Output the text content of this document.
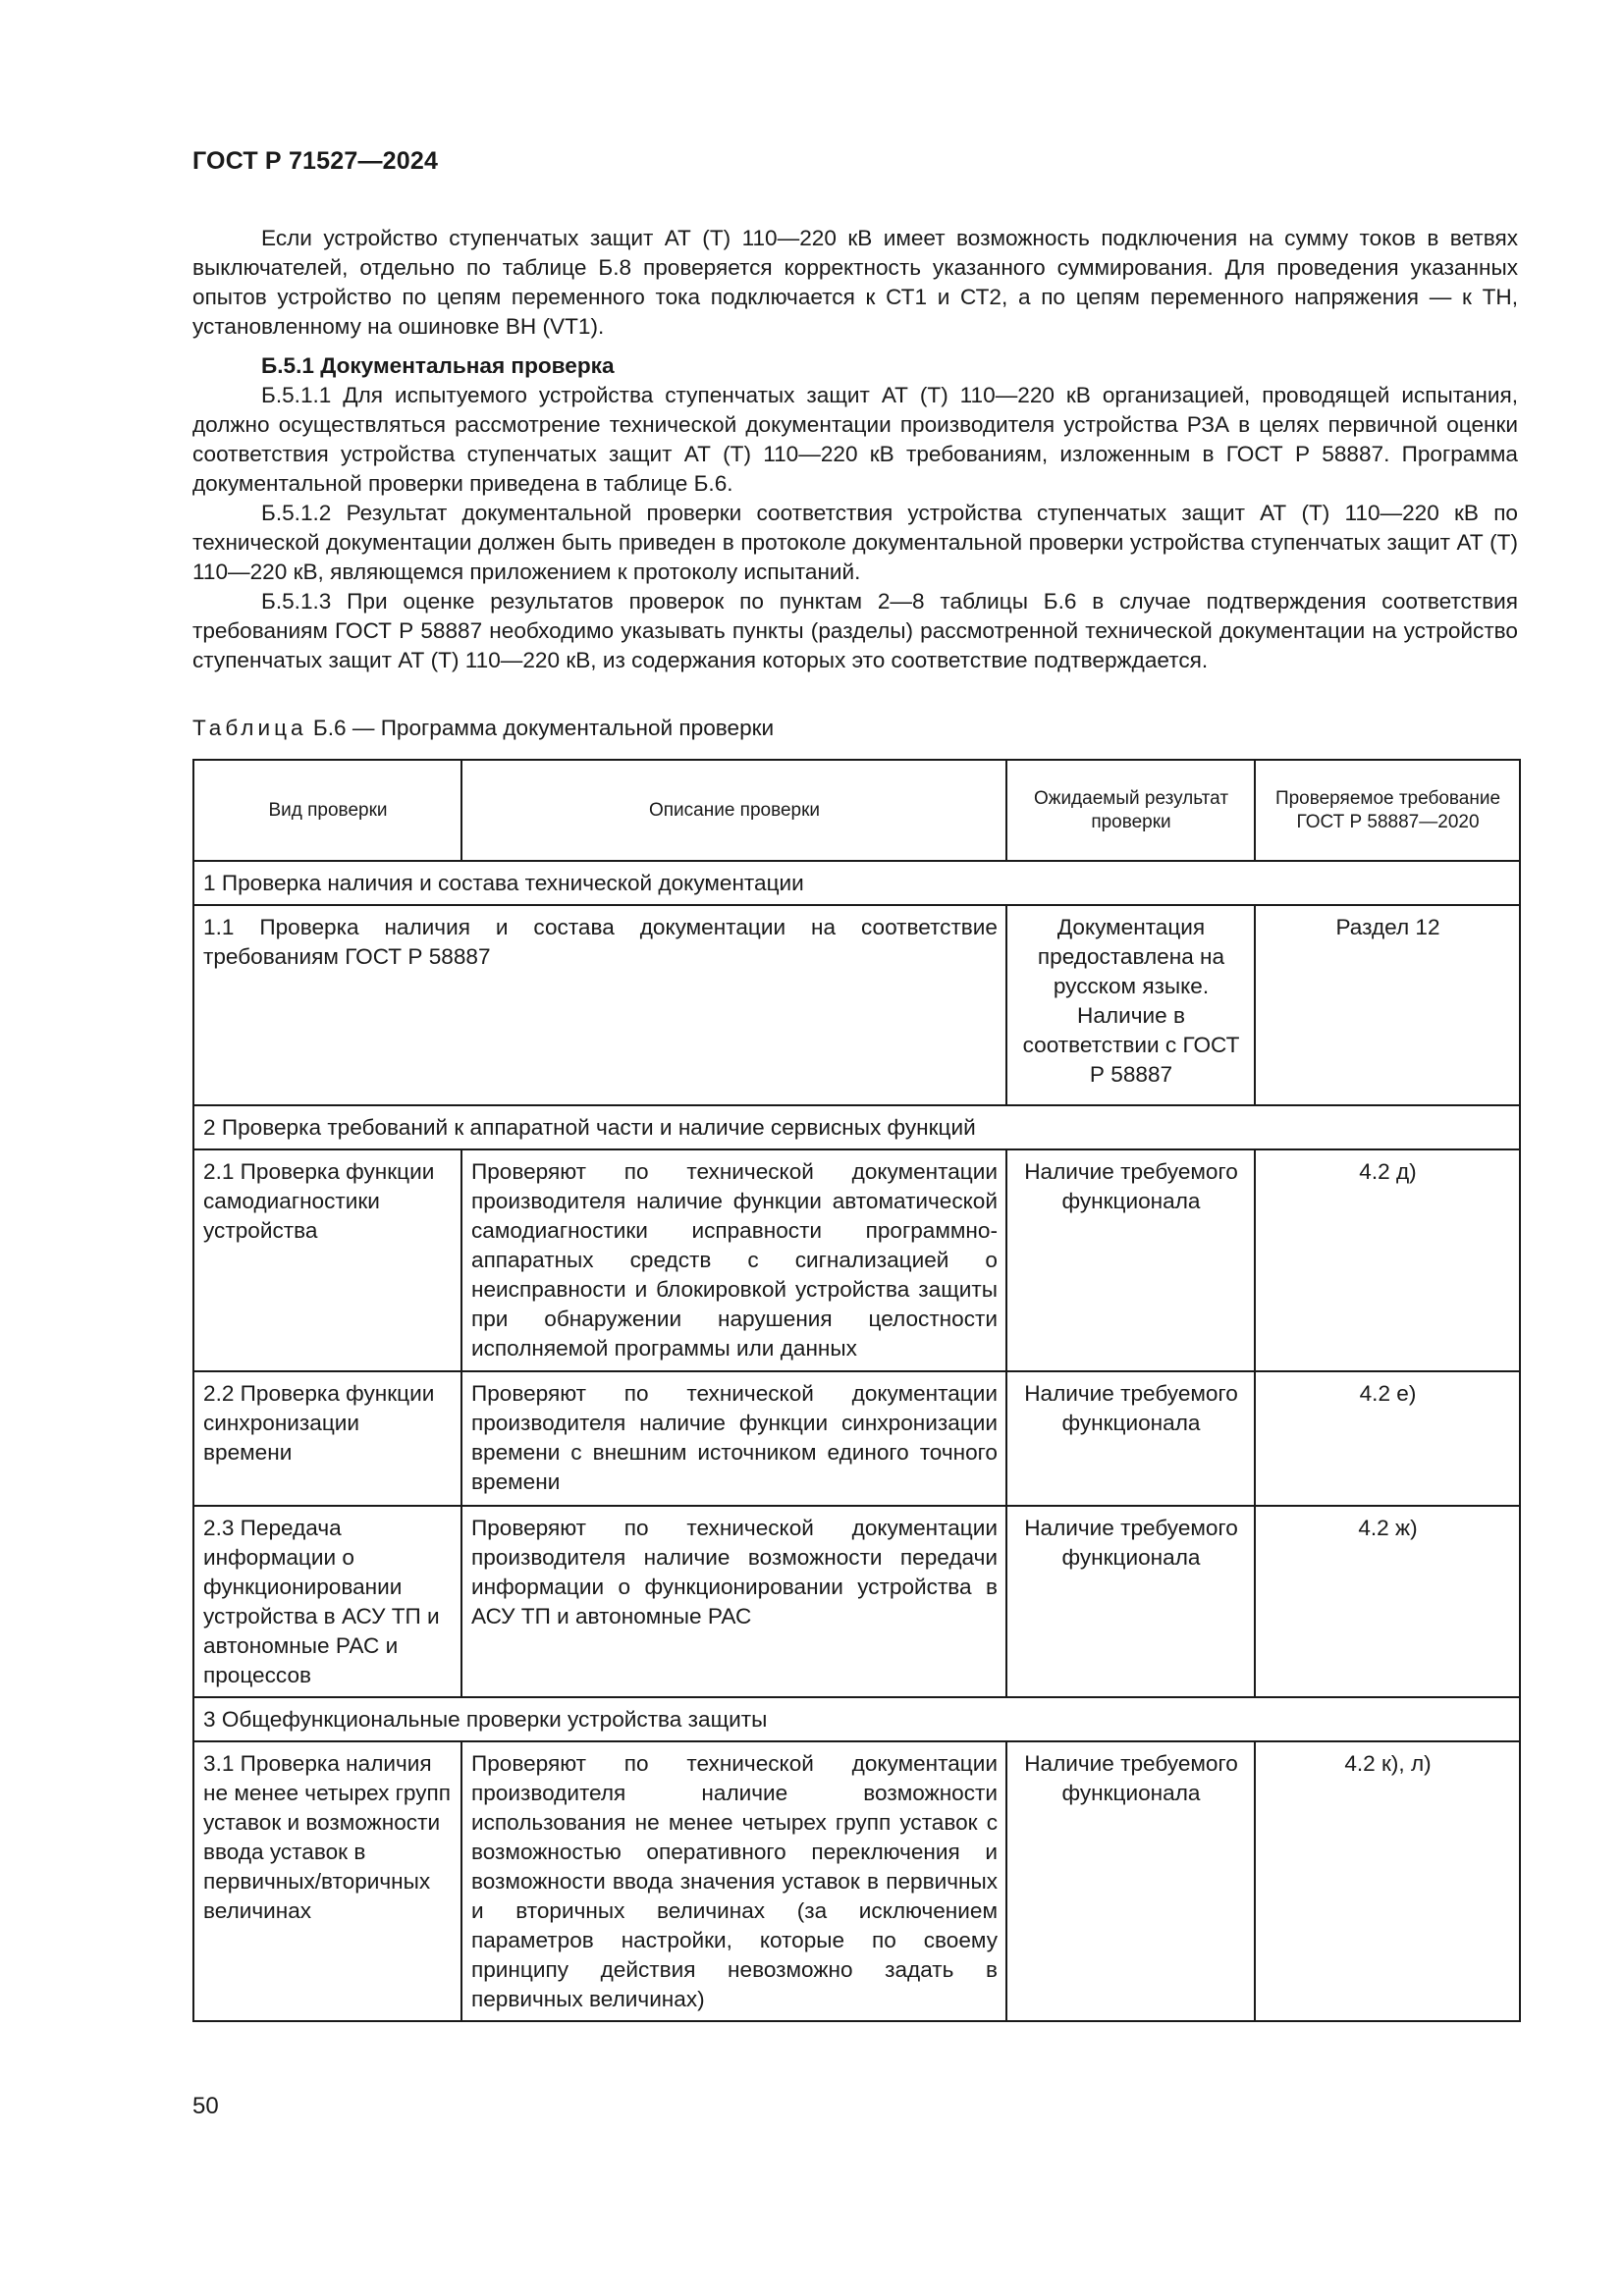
ГОСТ Р 71527—2024

Если устройство ступенчатых защит АТ (Т) 110—220 кВ имеет возможность подключения на сумму токов в ветвях выключателей, отдельно по таблице Б.8 проверяется корректность указанного суммирования. Для проведения указанных опытов устройство по цепям переменного тока подключается к СТ1 и СТ2, а по цепям переменного напряжения — к ТН, установленному на ошиновке ВН (VT1).

Б.5.1 Документальная проверка

Б.5.1.1 Для испытуемого устройства ступенчатых защит АТ (Т) 110—220 кВ организацией, проводящей испытания, должно осуществляться рассмотрение технической документации производителя устройства РЗА в целях первичной оценки соответствия устройства ступенчатых защит АТ (Т) 110—220 кВ требованиям, изложенным в ГОСТ Р 58887. Программа документальной проверки приведена в таблице Б.6.

Б.5.1.2 Результат документальной проверки соответствия устройства ступенчатых защит АТ (Т) 110—220 кВ по технической документации должен быть приведен в протоколе документальной проверки устройства ступенчатых защит АТ (Т) 110—220 кВ, являющемся приложением к протоколу испытаний.

Б.5.1.3 При оценке результатов проверок по пунктам 2—8 таблицы Б.6 в случае подтверждения соответствия требованиям ГОСТ Р 58887 необходимо указывать пункты (разделы) рассмотренной технической документации на устройство ступенчатых защит АТ (Т) 110—220 кВ, из содержания которых это соответствие подтверждается.

Таблица Б.6 — Программа документальной проверки
Вид проверки	Описание проверки	Ожидаемый результат проверки	Проверяемое требование ГОСТ Р 58887—2020
1 Проверка наличия и состава технической документации			
1.1 Проверка наличия и состава документации на соответствие требованиям ГОСТ Р 58887		Документация предоставлена на русском языке. Наличие в соответствии с ГОСТ Р 58887	Раздел 12
2 Проверка требований к аппаратной части и наличие сервисных функций			
2.1 Проверка функции самодиагностики устройства	Проверяют по технической документации производителя наличие функции автоматической самодиагностики исправности программно-аппаратных средств с сигнализацией о неисправности и блокировкой устройства защиты при обнаружении нарушения целостности исполняемой программы или данных	Наличие требуемого функционала	4.2 д)
2.2 Проверка функции синхронизации времени	Проверяют по технической документации производителя наличие функции синхронизации времени с внешним источником единого точного времени	Наличие требуемого функционала	4.2 е)
2.3 Передача информации о функционировании устройства в АСУ ТП и автономные РАС и процессов	Проверяют по технической документации производителя наличие возможности передачи информации о функционировании устройства в АСУ ТП и автономные РАС	Наличие требуемого функционала	4.2 ж)
3 Общефункциональные проверки устройства защиты			
3.1 Проверка наличия не менее четырех групп уставок и возможности ввода уставок в первичных/вторичных величинах	Проверяют по технической документации производителя наличие возможности использования не менее четырех групп уставок с возможностью оперативного переключения и возможности ввода значения уставок в первичных и вторичных величинах (за исключением параметров настройки, которые по своему принципу действия невозможно задать в первичных величинах)	Наличие требуемого функционала	4.2 к), л)
50
